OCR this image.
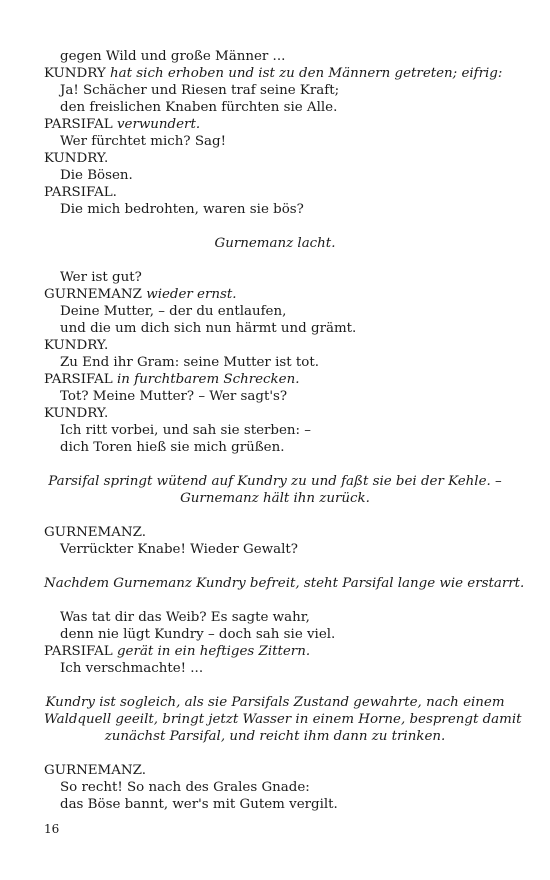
gegen Wild und große Männer ...
KUNDRY hat sich erhoben und ist zu den Männern getreten; eifrig:
Ja! Schächer und Riesen traf seine Kraft;
den freislichen Knaben fürchten sie Alle.
PARSIFAL verwundert.
Wer fürchtet mich? Sag!
KUNDRY.
Die Bösen.
PARSIFAL.
Die mich bedrohten, waren sie bös?
Gurnemanz lacht.
Wer ist gut?
GURNEMANZ wieder ernst.
Deine Mutter, – der du entlaufen,
und die um dich sich nun härmt und grämt.
KUNDRY.
Zu End ihr Gram: seine Mutter ist tot.
PARSIFAL in furchtbarem Schrecken.
Tot? Meine Mutter? – Wer sagt's?
KUNDRY.
Ich ritt vorbei, und sah sie sterben: –
dich Toren hieß sie mich grüßen.
Parsifal springt wütend auf Kundry zu und faßt sie bei der Kehle. –
Gurnemanz hält ihn zurück.
GURNEMANZ.
Verrückter Knabe! Wieder Gewalt?
Nachdem Gurnemanz Kundry befreit, steht Parsifal lange wie erstarrt.
Was tat dir das Weib? Es sagte wahr,
denn nie lügt Kundry – doch sah sie viel.
PARSIFAL gerät in ein heftiges Zittern.
Ich verschmachte! ...
Kundry ist sogleich, als sie Parsifals Zustand gewahrte, nach einem
Waldquell geeilt, bringt jetzt Wasser in einem Horne, besprengt damit
zunächst Parsifal, und reicht ihm dann zu trinken.
GURNEMANZ.
So recht! So nach des Grales Gnade:
das Böse bannt, wer's mit Gutem vergilt.
16
